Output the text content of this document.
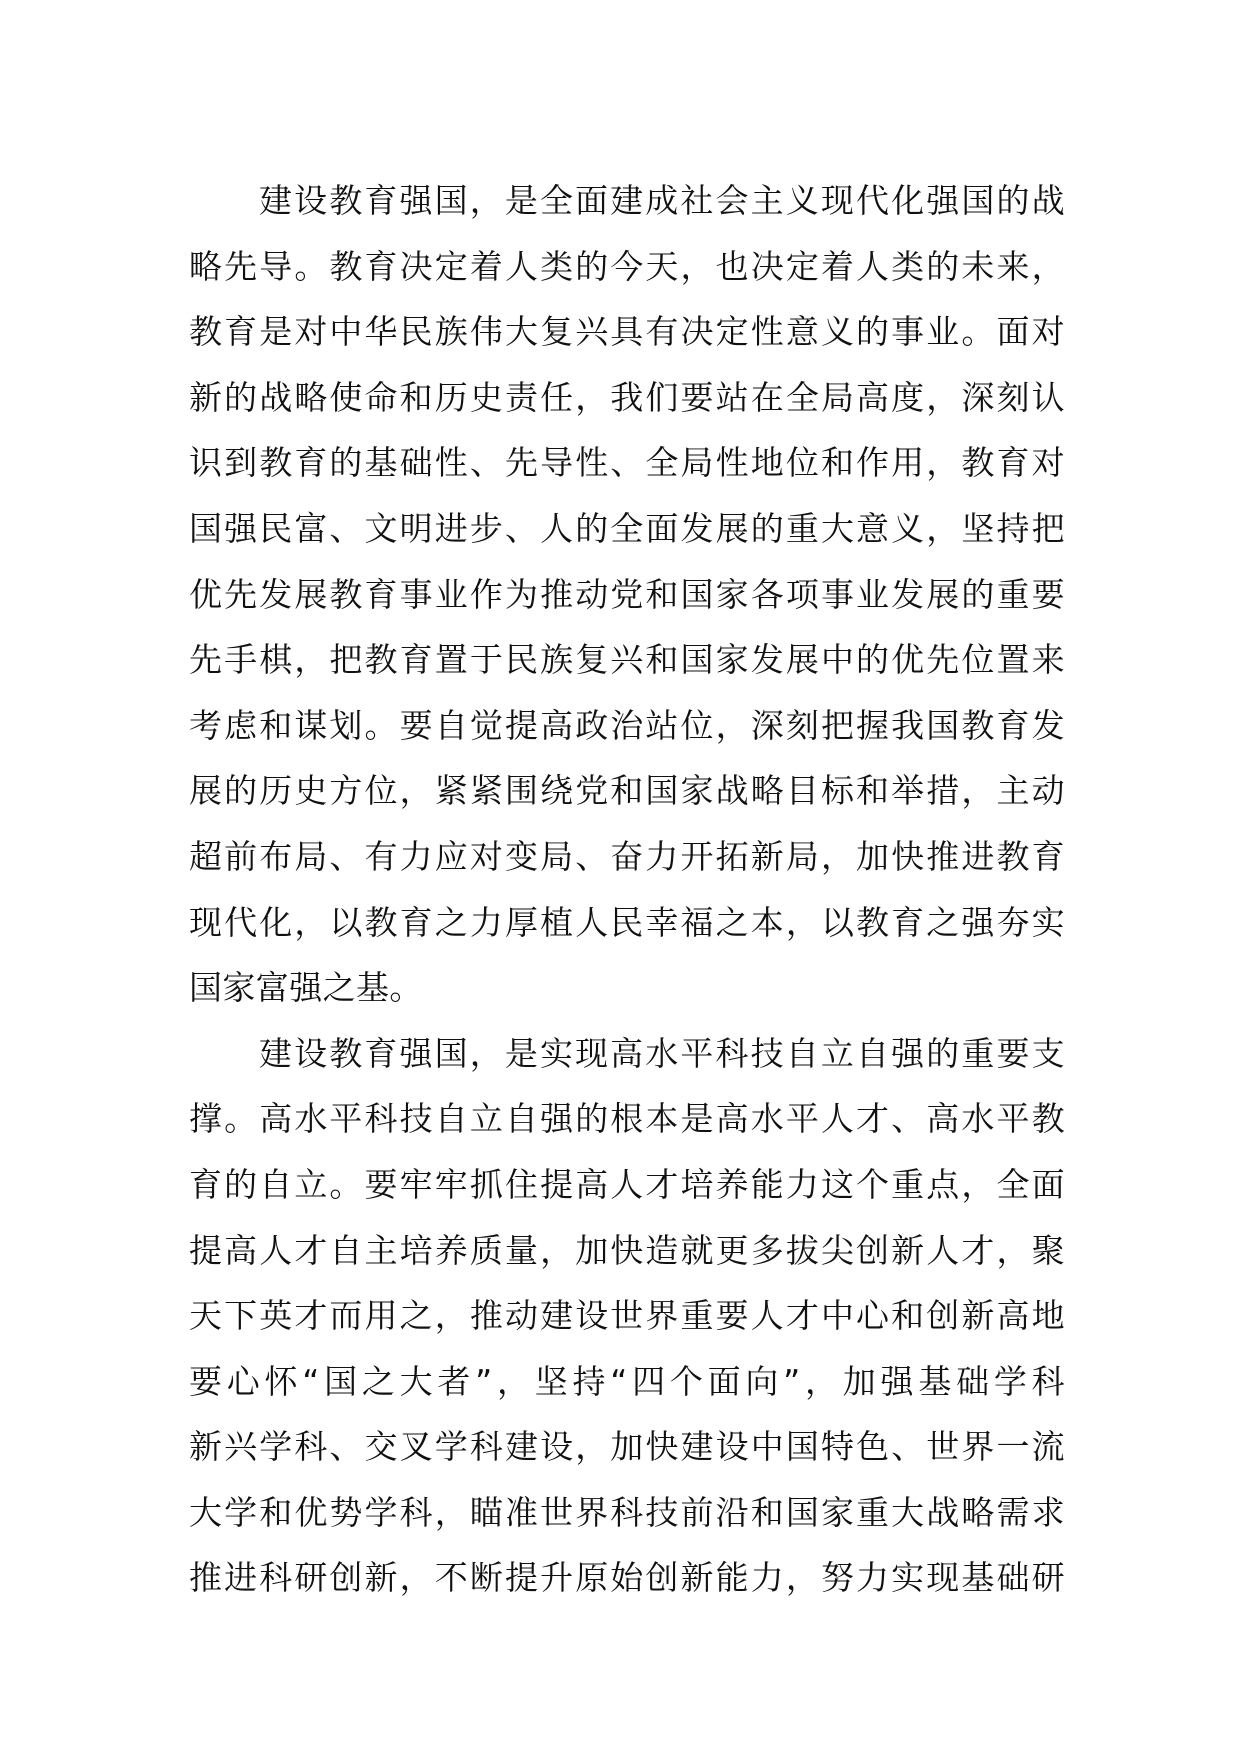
建设教育强国，是全面建成社会主义现代化强国的战
略先导。教育决定着人类的今天，也决定着人类的未来，
教育是对中华民族伟大复兴具有决定性意义的事业。面对
新的战略使命和历史责任，我们要站在全局高度，深刻认
识到教育的基础性、先导性、全局性地位和作用，教育对
国强民富、文明进步、人的全面发展的重大意义，坚持把
优先发展教育事业作为推动党和国家各项事业发展的重要
先手棋，把教育置于民族复兴和国家发展中的优先位置来
考虑和谋划。要自觉提高政治站位，深刻把握我国教育发
展的历史方位，紧紧围绕党和国家战略目标和举措，主动
超前布局、有力应对变局、奋力开拓新局，加快推进教育
现代化，以教育之力厚植人民幸福之本，以教育之强夯实
国家富强之基。
建设教育强国，是实现高水平科技自立自强的重要支
撑。高水平科技自立自强的根本是高水平人才、高水平教
育的自立。要牢牢抓住提高人才培养能力这个重点，全面
提高人才自主培养质量，加快造就更多拔尖创新人才，聚
天下英才而用之，推动建设世界重要人才中心和创新高地
要心怀“国之大者”，坚持“四个面向”，加强基础学科
新兴学科、交叉学科建设，加快建设中国特色、世界一流
大学和优势学科，瞄准世界科技前沿和国家重大战略需求
推进科研创新，不断提升原始创新能力，努力实现基础研
